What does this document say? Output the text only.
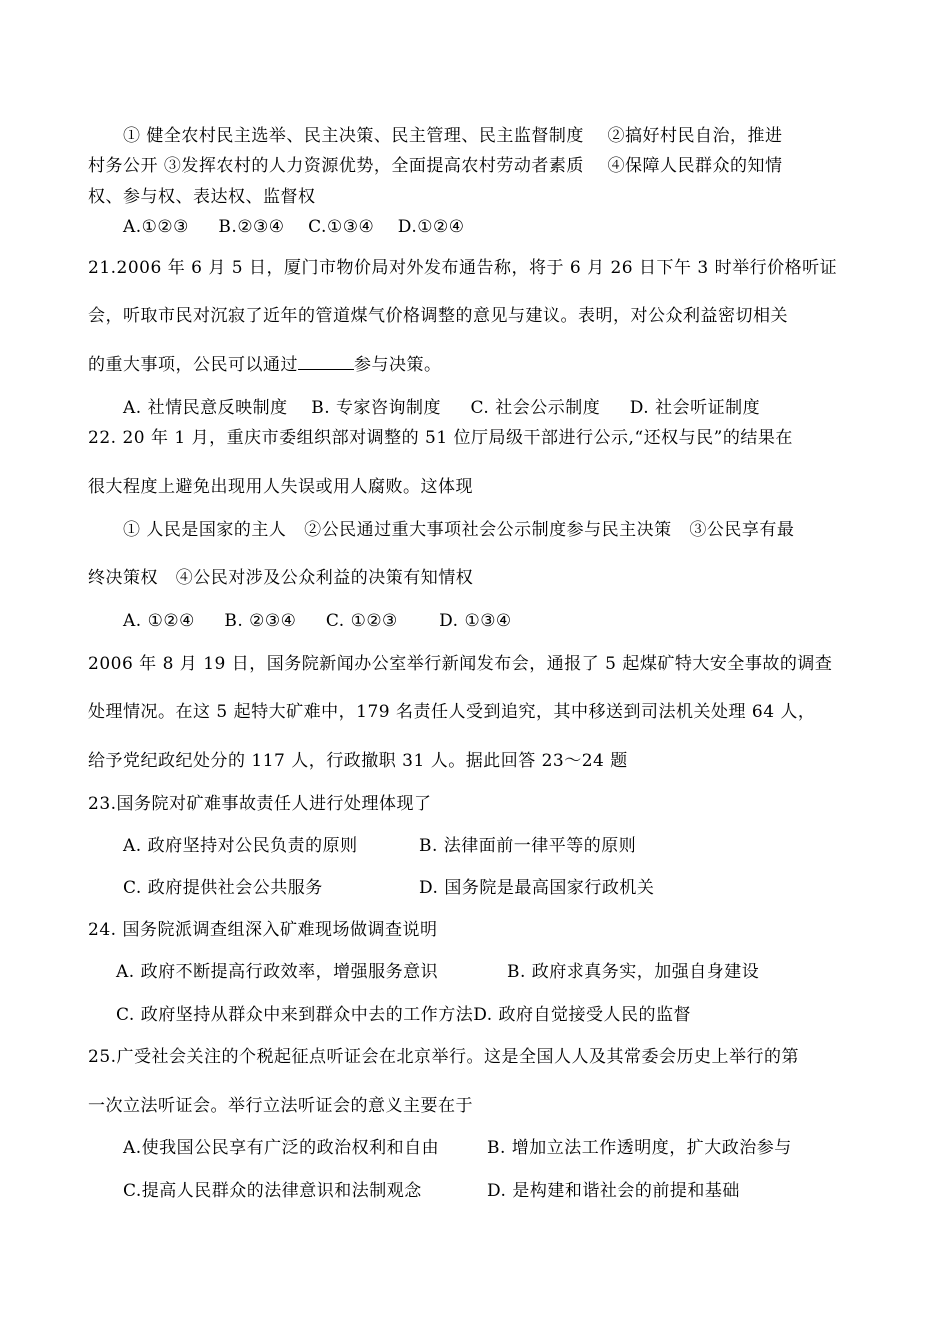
① 健全农村民主选举、民主决策、民主管理、民主监督制度    ②搞好村民自治，推进
村务公开 ③发挥农村的人力资源优势，全面提高农村劳动者素质    ④保障人民群众的知情
权、参与权、表达权、监督权
A.①②③     B.②③④    C.①③④    D.①②④
21.2006 年 6 月 5 日，厦门市物价局对外发布通告称，将于 6 月 26 日下午 3 时举行价格听证
会，听取市民对沉寂了近年的管道煤气价格调整的意见与建议。表明，对公众利益密切相关
的重大事项，公民可以通过	参与决策。
A. 社情民意反映制度    B. 专家咨询制度     C. 社会公示制度     D. 社会听证制度
22. 20 年 1 月，重庆市委组织部对调整的 51 位厅局级干部进行公示,“还权与民”的结果在
很大程度上避免出现用人失误或用人腐败。这体现
① 人民是国家的主人   ②公民通过重大事项社会公示制度参与民主决策   ③公民享有最
终决策权   ④公民对涉及公众利益的决策有知情权
A. ①②④     B. ②③④     C. ①②③       D. ①③④
2006 年 8 月 19 日，国务院新闻办公室举行新闻发布会，通报了 5 起煤矿特大安全事故的调查
处理情况。在这 5 起特大矿难中，179 名责任人受到追究，其中移送到司法机关处理 64 人，
给予党纪政纪处分的 117 人，行政撤职 31 人。据此回答 23～24 题
23.国务院对矿难事故责任人进行处理体现了
A. 政府坚持对公民负责的原则	B. 法律面前一律平等的原则
C. 政府提供社会公共服务	D. 国务院是最高国家行政机关
24. 国务院派调查组深入矿难现场做调查说明
A. 政府不断提高行政效率，增强服务意识	B. 政府求真务实，加强自身建设
C. 政府坚持从群众中来到群众中去的工作方法D. 政府自觉接受人民的监督
25.广受社会关注的个税起征点听证会在北京举行。这是全国人人及其常委会历史上举行的第
一次立法听证会。举行立法听证会的意义主要在于
A.使我国公民享有广泛的政治权利和自由	B. 增加立法工作透明度，扩大政治参与
C.提高人民群众的法律意识和法制观念	D. 是构建和谐社会的前提和基础
